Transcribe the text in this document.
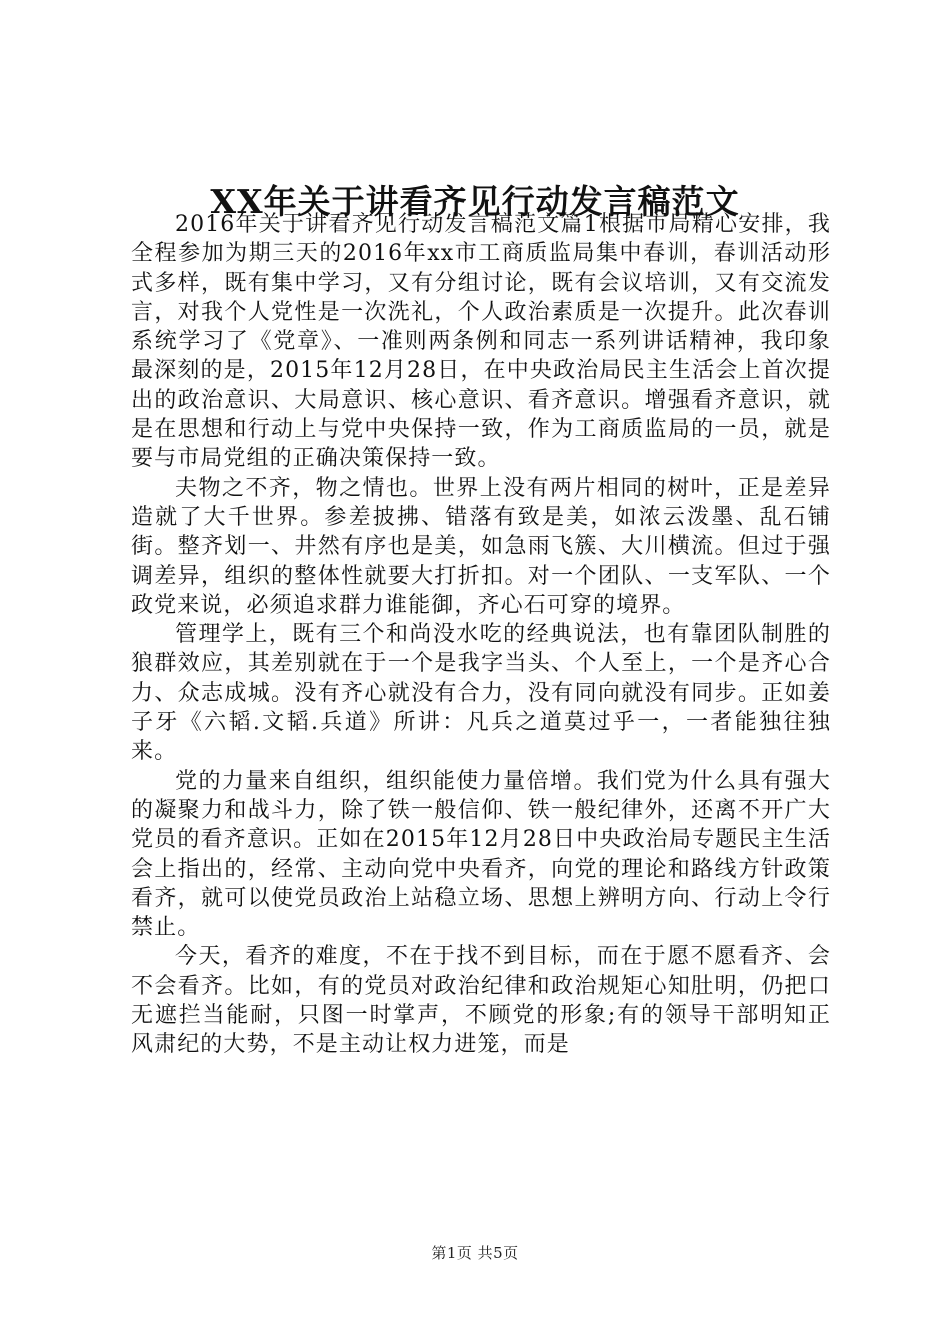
XX年关于讲看齐见行动发言稿范文

2016年关于讲看齐见行动发言稿范文篇1根据市局精心安排，我全程参加为期三天的2016年xx市工商质监局集中春训，春训活动形式多样，既有集中学习，又有分组讨论，既有会议培训，又有交流发言，对我个人党性是一次洗礼，个人政治素质是一次提升。此次春训系统学习了《党章》、一准则两条例和同志一系列讲话精神，我印象最深刻的是，2015年12月28日，在中央政治局民主生活会上首次提出的政治意识、大局意识、核心意识、看齐意识。增强看齐意识，就是在思想和行动上与党中央保持一致，作为工商质监局的一员，就是要与市局党组的正确决策保持一致。

夫物之不齐，物之情也。世界上没有两片相同的树叶，正是差异造就了大千世界。参差披拂、错落有致是美，如浓云泼墨、乱石铺街。整齐划一、井然有序也是美，如急雨飞簇、大川横流。但过于强调差异，组织的整体性就要大打折扣。对一个团队、一支军队、一个政党来说，必须追求群力谁能御，齐心石可穿的境界。

管理学上，既有三个和尚没水吃的经典说法，也有靠团队制胜的狼群效应，其差别就在于一个是我字当头、个人至上，一个是齐心合力、众志成城。没有齐心就没有合力，没有同向就没有同步。正如姜子牙《六韬.文韬.兵道》所讲：凡兵之道莫过乎一，一者能独往独来。

党的力量来自组织，组织能使力量倍增。我们党为什么具有强大的凝聚力和战斗力，除了铁一般信仰、铁一般纪律外，还离不开广大党员的看齐意识。正如在2015年12月28日中央政治局专题民主生活会上指出的，经常、主动向党中央看齐，向党的理论和路线方针政策看齐，就可以使党员政治上站稳立场、思想上辨明方向、行动上令行禁止。

今天，看齐的难度，不在于找不到目标，而在于愿不愿看齐、会不会看齐。比如，有的党员对政治纪律和政治规矩心知肚明，仍把口无遮拦当能耐，只图一时掌声，不顾党的形象;有的领导干部明知正风肃纪的大势，不是主动让权力进笼，而是

第1页 共5页
